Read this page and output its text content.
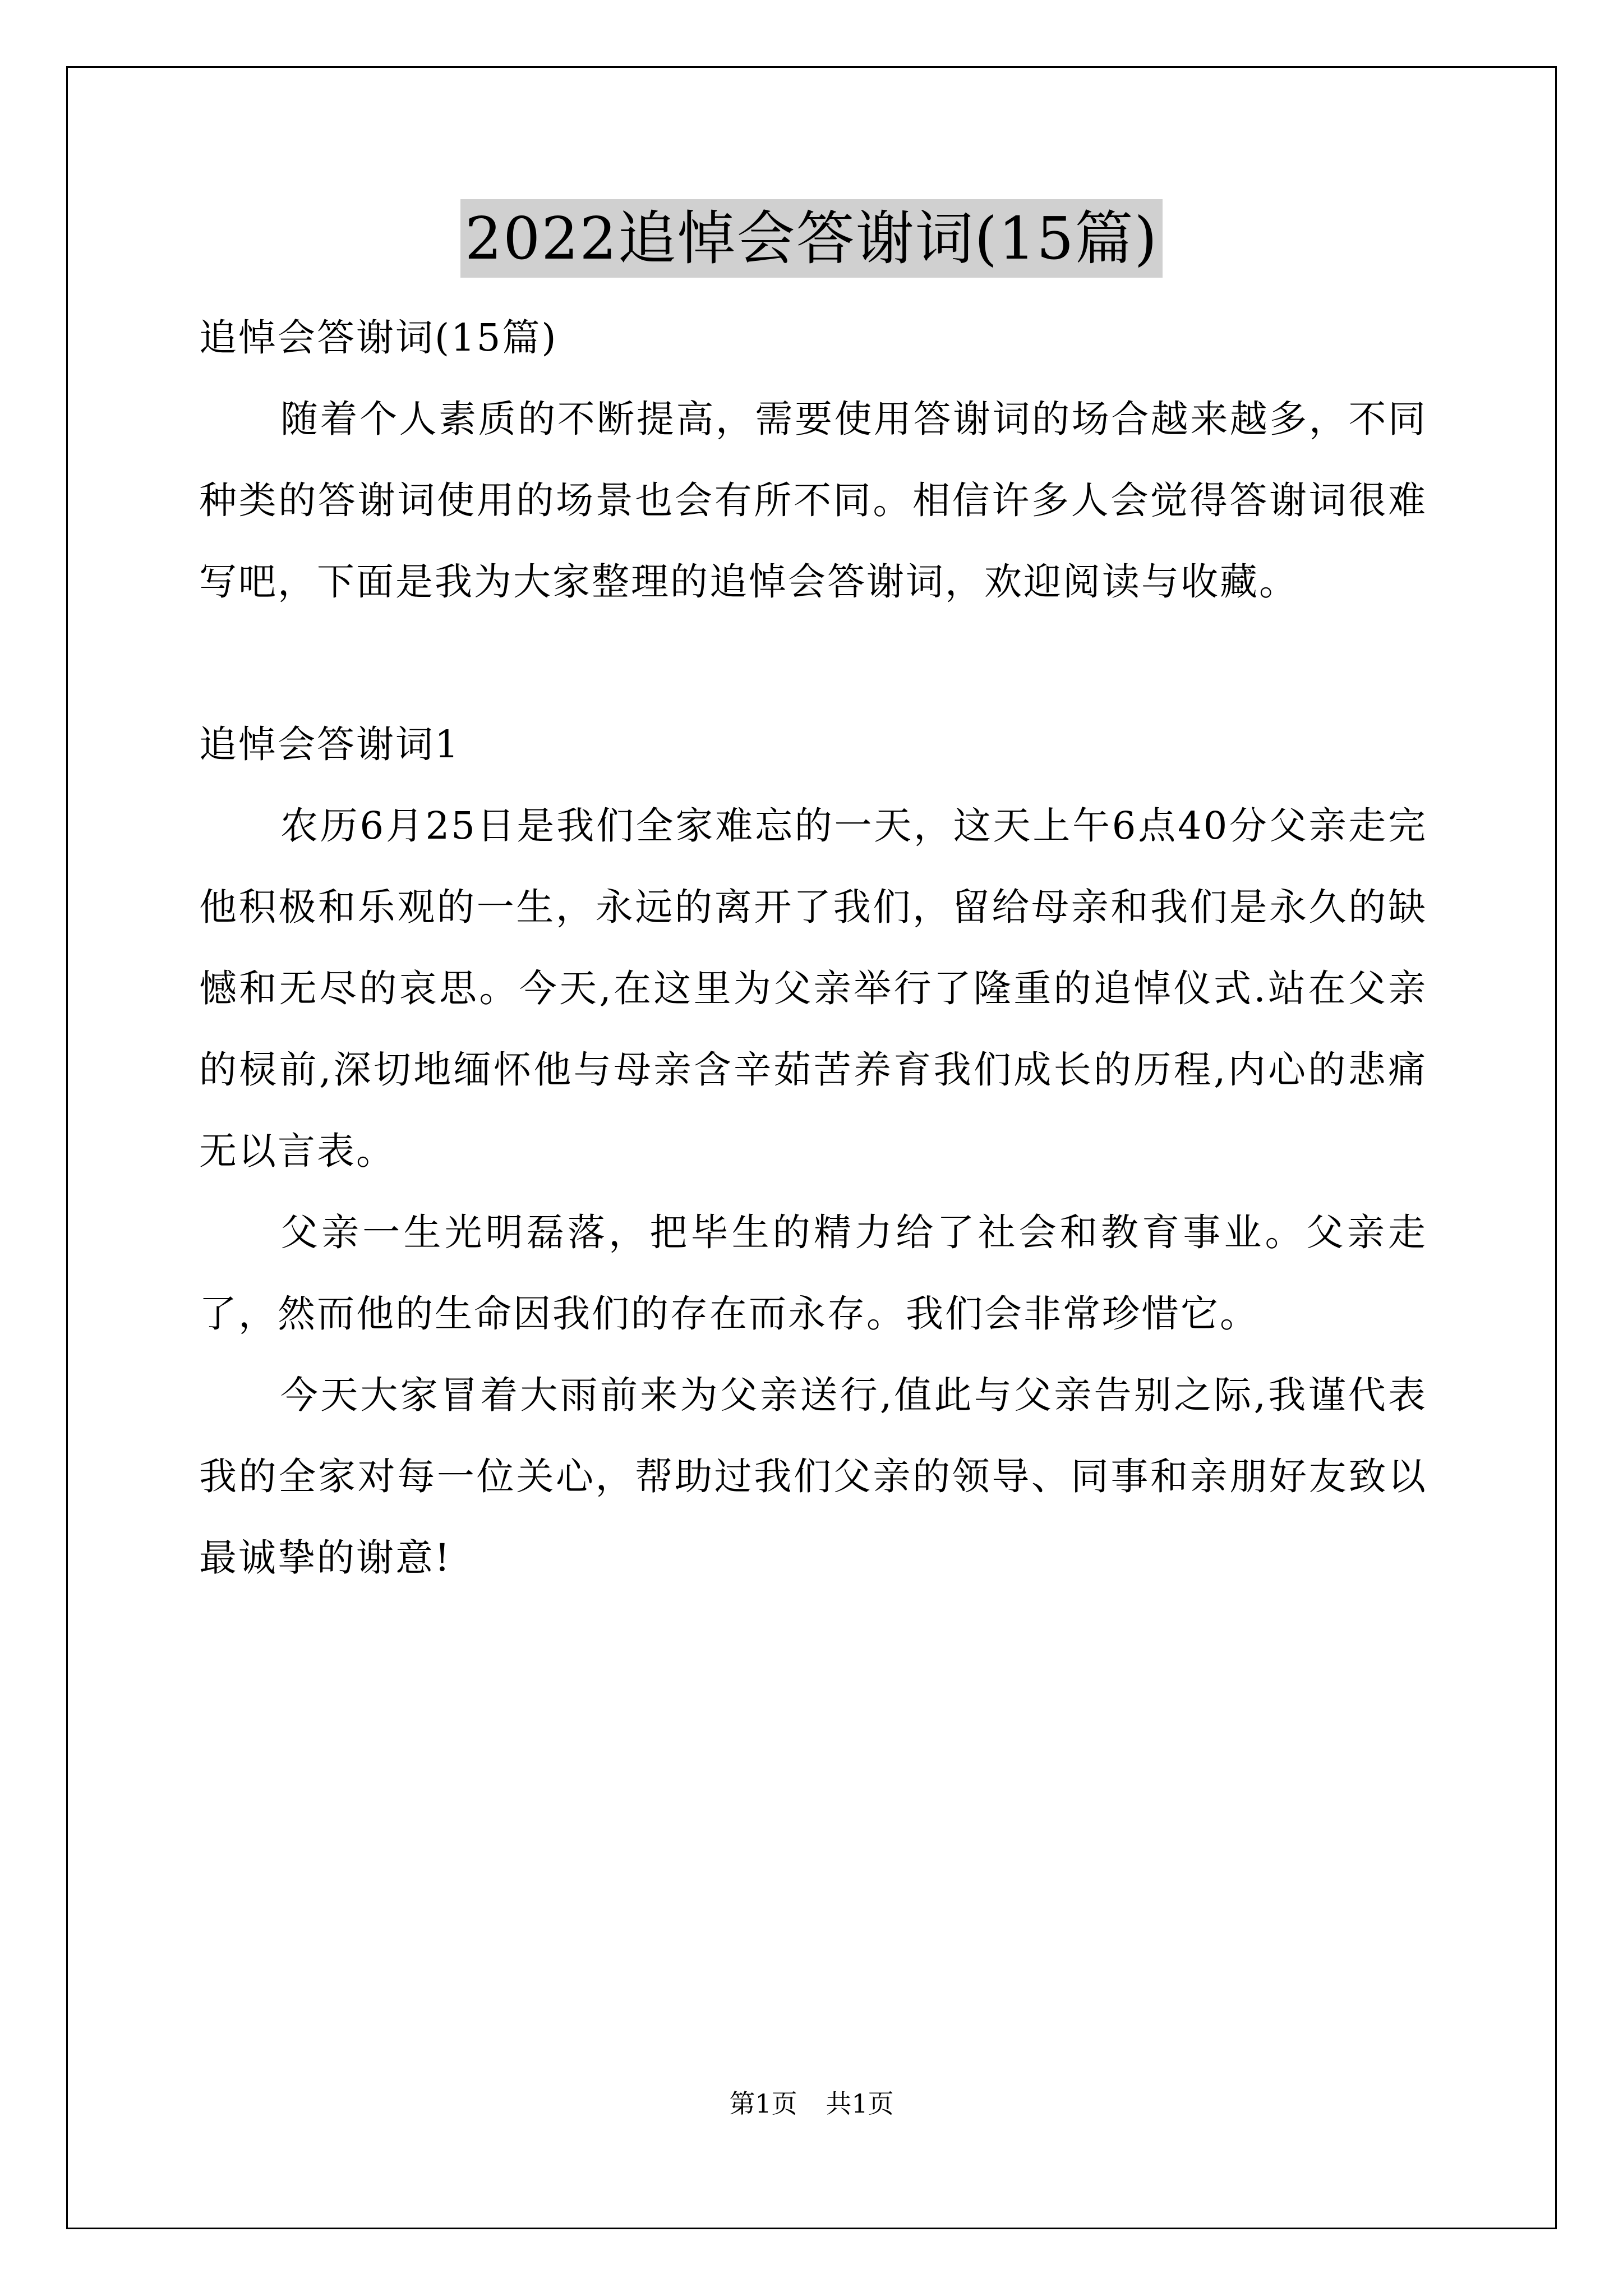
2022追悼会答谢词(15篇)

追悼会答谢词(15篇)

随着个人素质的不断提高，需要使用答谢词的场合越来越多，不同种类的答谢词使用的场景也会有所不同。相信许多人会觉得答谢词很难写吧，下面是我为大家整理的追悼会答谢词，欢迎阅读与收藏。

追悼会答谢词1

农历6月25日是我们全家难忘的一天，这天上午6点40分父亲走完他积极和乐观的一生，永远的离开了我们，留给母亲和我们是永久的缺憾和无尽的哀思。今天,在这里为父亲举行了隆重的追悼仪式.站在父亲的棂前,深切地缅怀他与母亲含辛茹苦养育我们成长的历程,内心的悲痛无以言表。

父亲一生光明磊落，把毕生的精力给了社会和教育事业。父亲走了，然而他的生命因我们的存在而永存。我们会非常珍惜它。

今天大家冒着大雨前来为父亲送行,值此与父亲告别之际,我谨代表我的全家对每一位关心，帮助过我们父亲的领导、同事和亲朋好友致以最诚挚的谢意!

第1页 共1页
